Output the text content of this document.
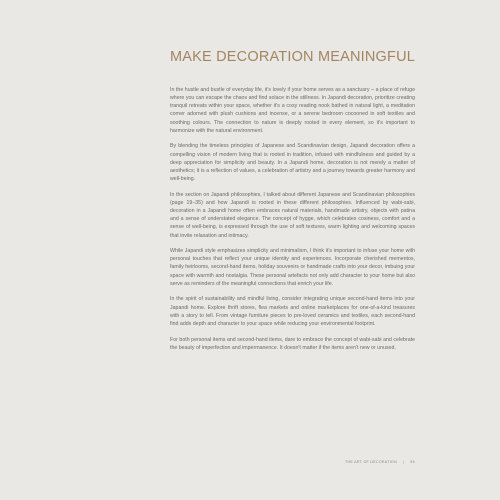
MAKE DECORATION MEANINGFUL

In the hustle and bustle of everyday life, it's lovely if your home serves as a sanctuary – a place of refuge where you can escape the chaos and find solace in the stillness. In Japandi decoration, prioritize creating tranquil retreats within your space, whether it's a cosy reading nook bathed in natural light, a meditation corner adorned with plush cushions and incense, or a serene bedroom cocooned in soft textiles and soothing colours. The connection to nature is deeply rooted in every element, so it's important to harmonize with the natural environment.

By blending the timeless principles of Japanese and Scandinavian design, Japandi decoration offers a compelling vision of modern living that is rooted in tradition, infused with mindfulness and guided by a deep appreciation for simplicity and beauty. In a Japandi home, decoration is not merely a matter of aesthetics; it is a reflection of values, a celebration of artistry and a journey towards greater harmony and well-being.

In the section on Japandi philosophies, I talked about different Japanese and Scandinavian philosophies (page 19–35) and how Japandi is rooted in these different philosophies. Influenced by wabi-sabi, decoration in a Japandi home often embraces natural materials, handmade artistry, objects with patina and a sense of understated elegance. The concept of hygge, which celebrates cosiness, comfort and a sense of well-being, is expressed through the use of soft textures, warm lighting and welcoming spaces that invite relaxation and intimacy.

While Japandi style emphasizes simplicity and minimalism, I think it's important to infuse your home with personal touches that reflect your unique identity and experiences. Incorporate cherished mementos, family heirlooms, second-hand items, holiday souvenirs or handmade crafts into your decor, imbuing your space with warmth and nostalgia. These personal artefacts not only add character to your home but also serve as reminders of the meaningful connections that enrich your life.

In the spirit of sustainability and mindful living, consider integrating unique second-hand items into your Japandi home. Explore thrift stores, flea markets and online marketplaces for one-of-a-kind treasures with a story to tell. From vintage furniture pieces to pre-loved ceramics and textiles, each second-hand find adds depth and character to your space while reducing your environmental footprint.

For both personal items and second-hand items, dare to embrace the concept of wabi-sabi and celebrate the beauty of imperfection and impermanence. It doesn't matter if the items aren't new or unused.

THE ART OF DECORATION | 95
